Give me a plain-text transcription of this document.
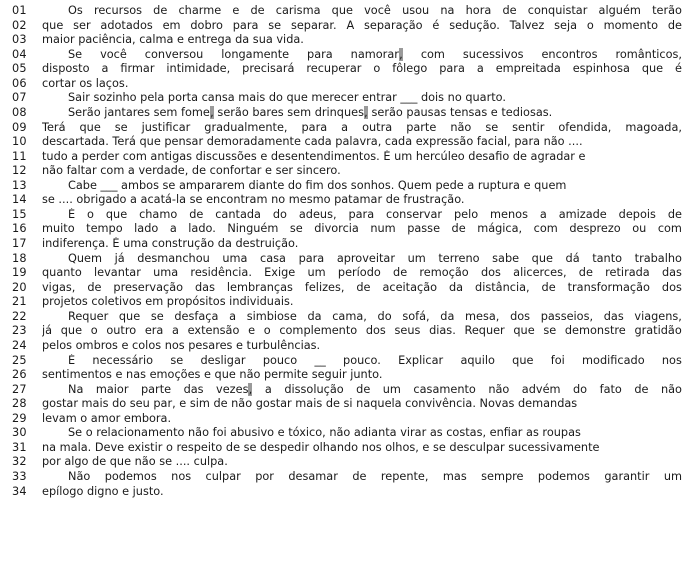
01	Os recursos de charme e de carisma que você usou na hora de conquistar alguém terão
02	que ser adotados em dobro para se separar. A separação é sedução. Talvez seja o momento de
03	maior paciência, calma e entrega da sua vida.
04	Se você conversou longamente para namorar, com sucessivos encontros românticos,
05	disposto a firmar intimidade, precisará recuperar o fôlego para a empreitada espinhosa que é
06	cortar os laços.
07	Sair sozinho pela porta cansa mais do que merecer entrar ___ dois no quarto.
08	Serão jantares sem fome, serão bares sem drinques, serão pausas tensas e tediosas.
09	Terá que se justificar gradualmente, para a outra parte não se sentir ofendida, magoada,
10	descartada. Terá que pensar demoradamente cada palavra, cada expressão facial, para não ....
11	tudo a perder com antigas discussões e desentendimentos. É um hercúleo desafio de agradar e
12	não faltar com a verdade, de confortar e ser sincero.
13	Cabe ___ ambos se ampararem diante do fim dos sonhos. Quem pede a ruptura e quem
14	se .... obrigado a acatá-la se encontram no mesmo patamar de frustração.
15	É o que chamo de cantada do adeus, para conservar pelo menos a amizade depois de
16	muito tempo lado a lado. Ninguém se divorcia num passe de mágica, com desprezo ou com
17	indiferença. É uma construção da destruição.
18	Quem já desmanchou uma casa para aproveitar um terreno sabe que dá tanto trabalho
19	quanto levantar uma residência. Exige um período de remoção dos alicerces, de retirada das
20	vigas, de preservação das lembranças felizes, de aceitação da distância, de transformação dos
21	projetos coletivos em propósitos individuais.
22	Requer que se desfaça a simbiose da cama, do sofá, da mesa, dos passeios, das viagens,
23	já que o outro era a extensão e o complemento dos seus dias. Requer que se demonstre gratidão
24	pelos ombros e colos nos pesares e turbulências.
25	É necessário se desligar pouco __ pouco. Explicar aquilo que foi modificado nos
26	sentimentos e nas emoções e que não permite seguir junto.
27	Na maior parte das vezes, a dissolução de um casamento não advém do fato de não
28	gostar mais do seu par, e sim de não gostar mais de si naquela convivência. Novas demandas
29	levam o amor embora.
30	Se o relacionamento não foi abusivo e tóxico, não adianta virar as costas, enfiar as roupas
31	na mala. Deve existir o respeito de se despedir olhando nos olhos, e se desculpar sucessivamente
32	por algo de que não se .... culpa.
33	Não podemos nos culpar por desamar de repente, mas sempre podemos garantir um
34	epílogo digno e justo.
